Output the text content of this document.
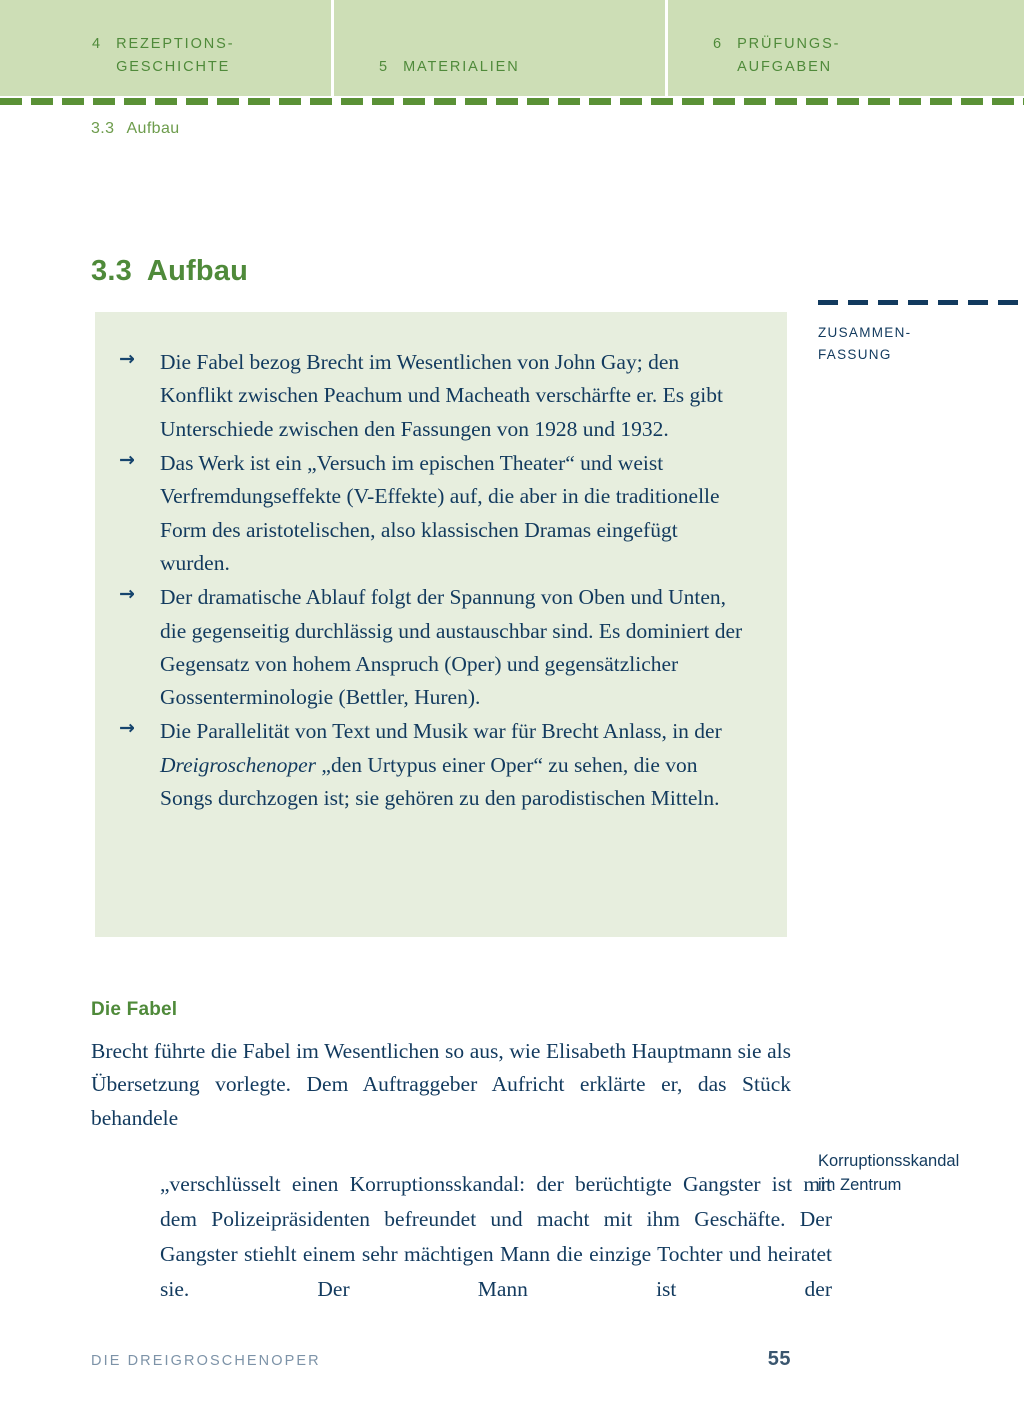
4 REZEPTIONS-
GESCHICHTE	5 MATERIALIEN
6 PRÜFUNGS-
AUFGABEN
3.3 Aufbau
3.3 Aufbau
→ Die Fabel bezog Brecht im Wesentlichen von John Gay; den Konflikt zwischen Peachum und Macheath verschärfte er. Es gibt Unterschiede zwischen den Fassungen von 1928 und 1932.
→ Das Werk ist ein „Versuch im epischen Theater“ und weist Verfremdungseffekte (V-Effekte) auf, die aber in die traditionelle Form des aristotelischen, also klassischen Dramas eingefügt wurden.
→ Der dramatische Ablauf folgt der Spannung von Oben und Unten, die gegenseitig durchlässig und austauschbar sind. Es dominiert der Gegensatz von hohem Anspruch (Oper) und gegensätzlicher Gossenterminologie (Bettler, Huren).
→ Die Parallelität von Text und Musik war für Brecht Anlass, in der Dreigroschenoper „den Urtypus einer Oper“ zu sehen, die von Songs durchzogen ist; sie gehören zu den parodistischen Mitteln.
ZUSAMMEN-
FASSUNG
Die Fabel

Brecht führte die Fabel im Wesentlichen so aus, wie Elisabeth Hauptmann sie als Übersetzung vorlegte. Dem Auftraggeber Aufricht erklärte er, das Stück behandele

„verschlüsselt einen Korruptionsskandal: der berüchtigte Gangster ist mit dem Polizeipräsidenten befreundet und macht mit ihm Geschäfte. Der Gangster stiehlt einem sehr mächtigen Mann die einzige Tochter und heiratet sie. Der Mann ist der
Korruptionsskandal
im Zentrum
DIE DREIGROSCHENOPER	55
